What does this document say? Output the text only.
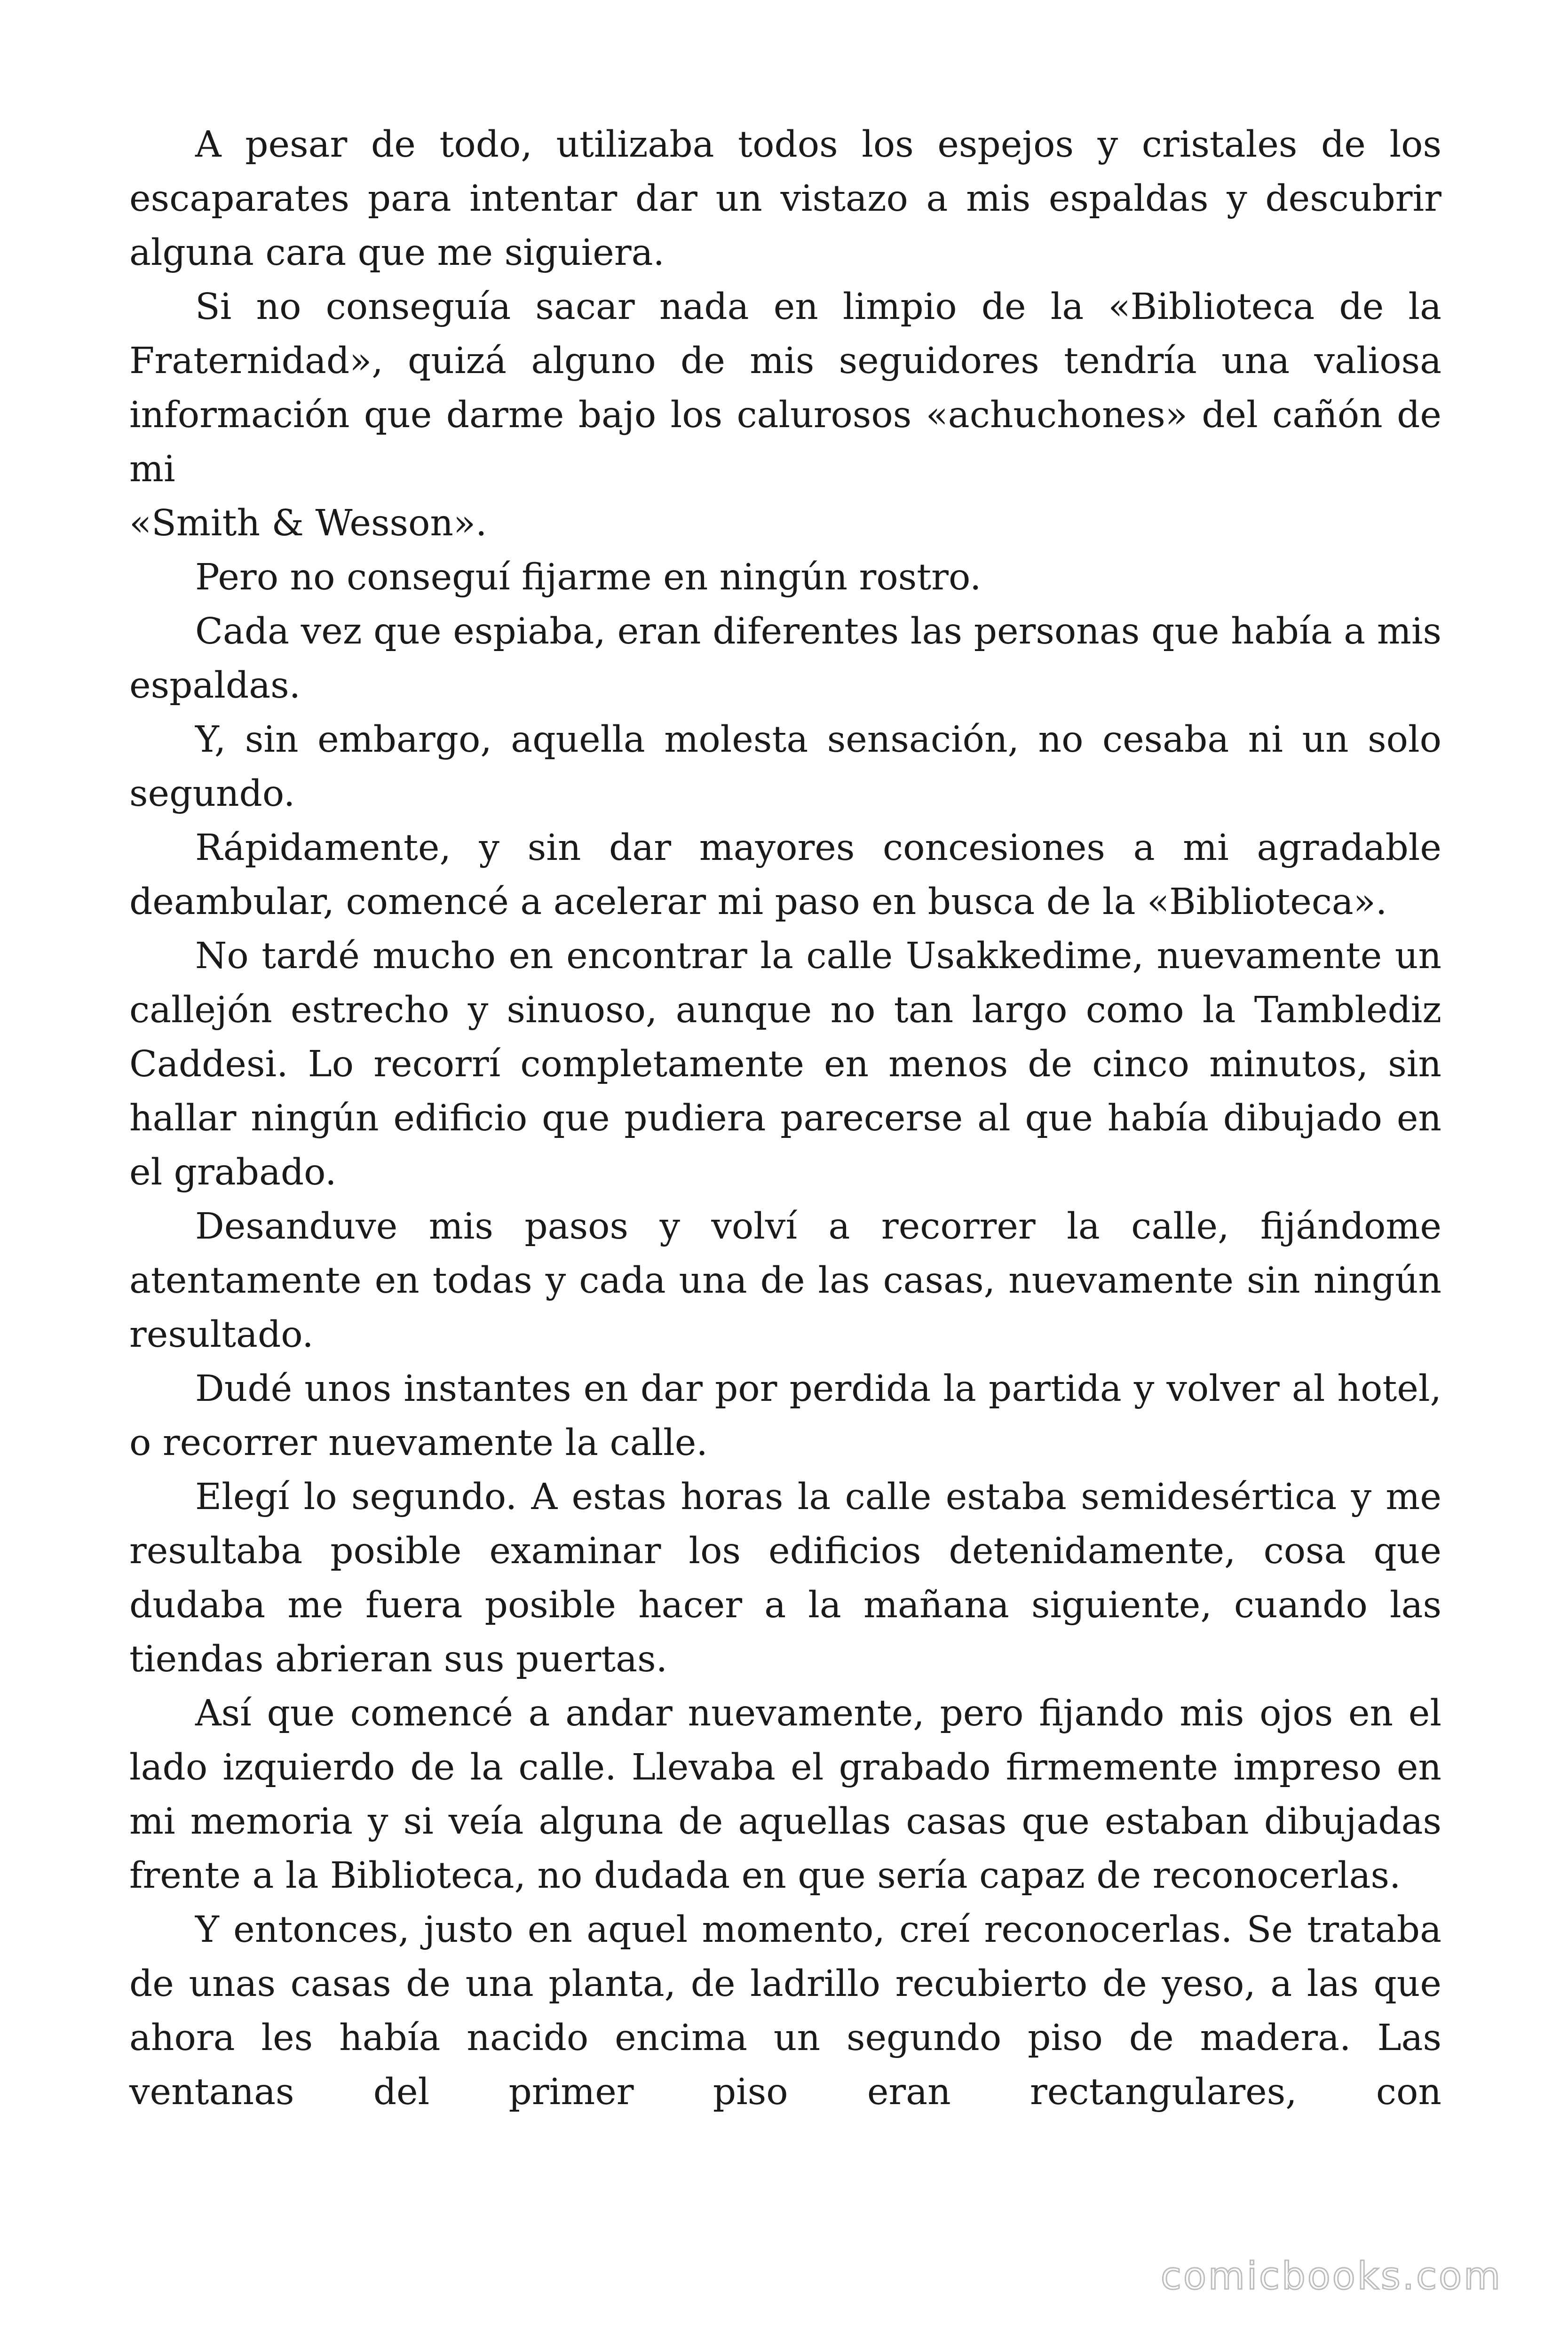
A pesar de todo, utilizaba todos los espejos y cristales de los escaparates para intentar dar un vistazo a mis espaldas y descubrir alguna cara que me siguiera.

Si no conseguía sacar nada en limpio de la «Biblioteca de la Fraternidad», quizá alguno de mis seguidores tendría una valiosa información que darme bajo los calurosos «achuchones» del cañón de mi

«Smith & Wesson».

Pero no conseguí fijarme en ningún rostro.

Cada vez que espiaba, eran diferentes las personas que había a mis espaldas.

Y, sin embargo, aquella molesta sensación, no cesaba ni un solo segundo.

Rápidamente, y sin dar mayores concesiones a mi agradable deambular, comencé a acelerar mi paso en busca de la «Biblioteca».

No tardé mucho en encontrar la calle Usakkedime, nuevamente un callejón estrecho y sinuoso, aunque no tan largo como la Tamblediz Caddesi. Lo recorrí completamente en menos de cinco minutos, sin hallar ningún edificio que pudiera parecerse al que había dibujado en el grabado.

Desanduve mis pasos y volví a recorrer la calle, fijándome atentamente en todas y cada una de las casas, nuevamente sin ningún resultado.

Dudé unos instantes en dar por perdida la partida y volver al hotel, o recorrer nuevamente la calle.

Elegí lo segundo. A estas horas la calle estaba semidesértica y me resultaba posible examinar los edificios detenidamente, cosa que dudaba me fuera posible hacer a la mañana siguiente, cuando las tiendas abrieran sus puertas.

Así que comencé a andar nuevamente, pero fijando mis ojos en el lado izquierdo de la calle. Llevaba el grabado firmemente impreso en mi memoria y si veía alguna de aquellas casas que estaban dibujadas frente a la Biblioteca, no dudada en que sería capaz de reconocerlas.

Y entonces, justo en aquel momento, creí reconocerlas. Se trataba de unas casas de una planta, de ladrillo recubierto de yeso, a las que ahora les había nacido encima un segundo piso de madera. Las ventanas del primer piso eran rectangulares, con

comicbooks.com
